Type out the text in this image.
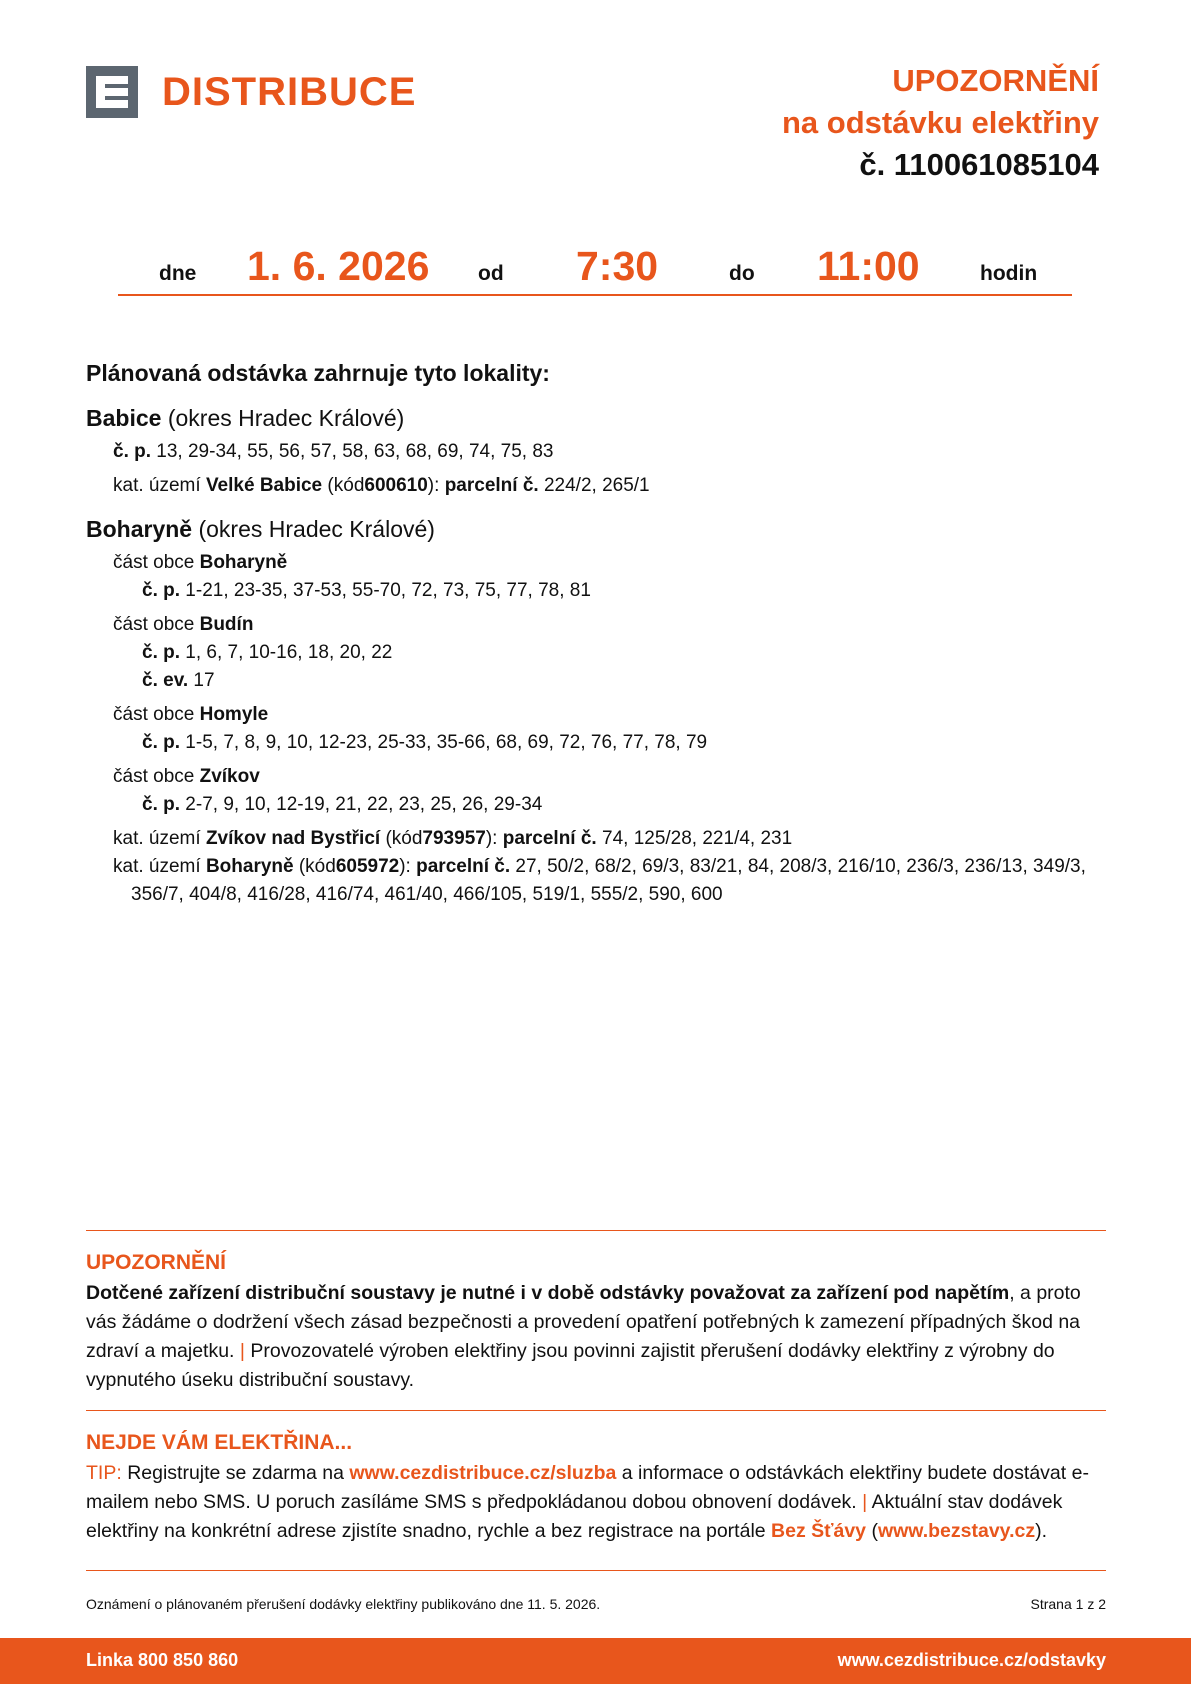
DISTRIBUCE	UPOZORNĚNÍ
na odstávku elektřiny
č. 110061085104
dne 1. 6. 2026 od 7:30	do 11:00	hodin
Plánovaná odstávka zahrnuje tyto lokality:
Babice (okres Hradec Králové)
č. p. 13, 29-34, 55, 56, 57, 58, 63, 68, 69, 74, 75, 83
kat. území Velké Babice (kód600610): parcelní č. 224/2, 265/1
Boharyně (okres Hradec Králové)
část obce Boharyně
č. p. 1-21, 23-35, 37-53, 55-70, 72, 73, 75, 77, 78, 81
část obce Budín
č. p. 1, 6, 7, 10-16, 18, 20, 22
č. ev. 17
část obce Homyle
č. p. 1-5, 7, 8, 9, 10, 12-23, 25-33, 35-66, 68, 69, 72, 76, 77, 78, 79
část obce Zvíkov
č. p. 2-7, 9, 10, 12-19, 21, 22, 23, 25, 26, 29-34
kat. území Zvíkov nad Bystřicí (kód793957): parcelní č. 74, 125/28, 221/4, 231
kat. území Boharyně (kód605972): parcelní č. 27, 50/2, 68/2, 69/3, 83/21, 84, 208/3, 216/10, 236/3, 236/13, 349/3, 356/7, 404/8, 416/28, 416/74, 461/40, 466/105, 519/1, 555/2, 590, 600
UPOZORNĚNÍ
Dotčené zařízení distribuční soustavy je nutné i v době odstávky považovat za zařízení pod napětím, a proto vás žádáme o dodržení všech zásad bezpečnosti a provedení opatření potřebných k zamezení případných škod na zdraví a majetku. | Provozovatelé výroben elektřiny jsou povinni zajistit přerušení dodávky elektřiny z výrobny do vypnutého úseku distribuční soustavy.
NEJDE VÁM ELEKTŘINA...
TIP: Registrujte se zdarma na www.cezdistribuce.cz/sluzba a informace o odstávkách elektřiny budete dostávat e-mailem nebo SMS. U poruch zasíláme SMS s předpokládanou dobou obnovení dodávek. | Aktuální stav dodávek elektřiny na konkrétní adrese zjistíte snadno, rychle a bez registrace na portále Bez Šťávy (www.bezstavy.cz).
Oznámení o plánovaném přerušení dodávky elektřiny publikováno dne 11. 5. 2026.	Strana 1 z 2
Linka 800 850 860	www.cezdistribuce.cz/odstavky
